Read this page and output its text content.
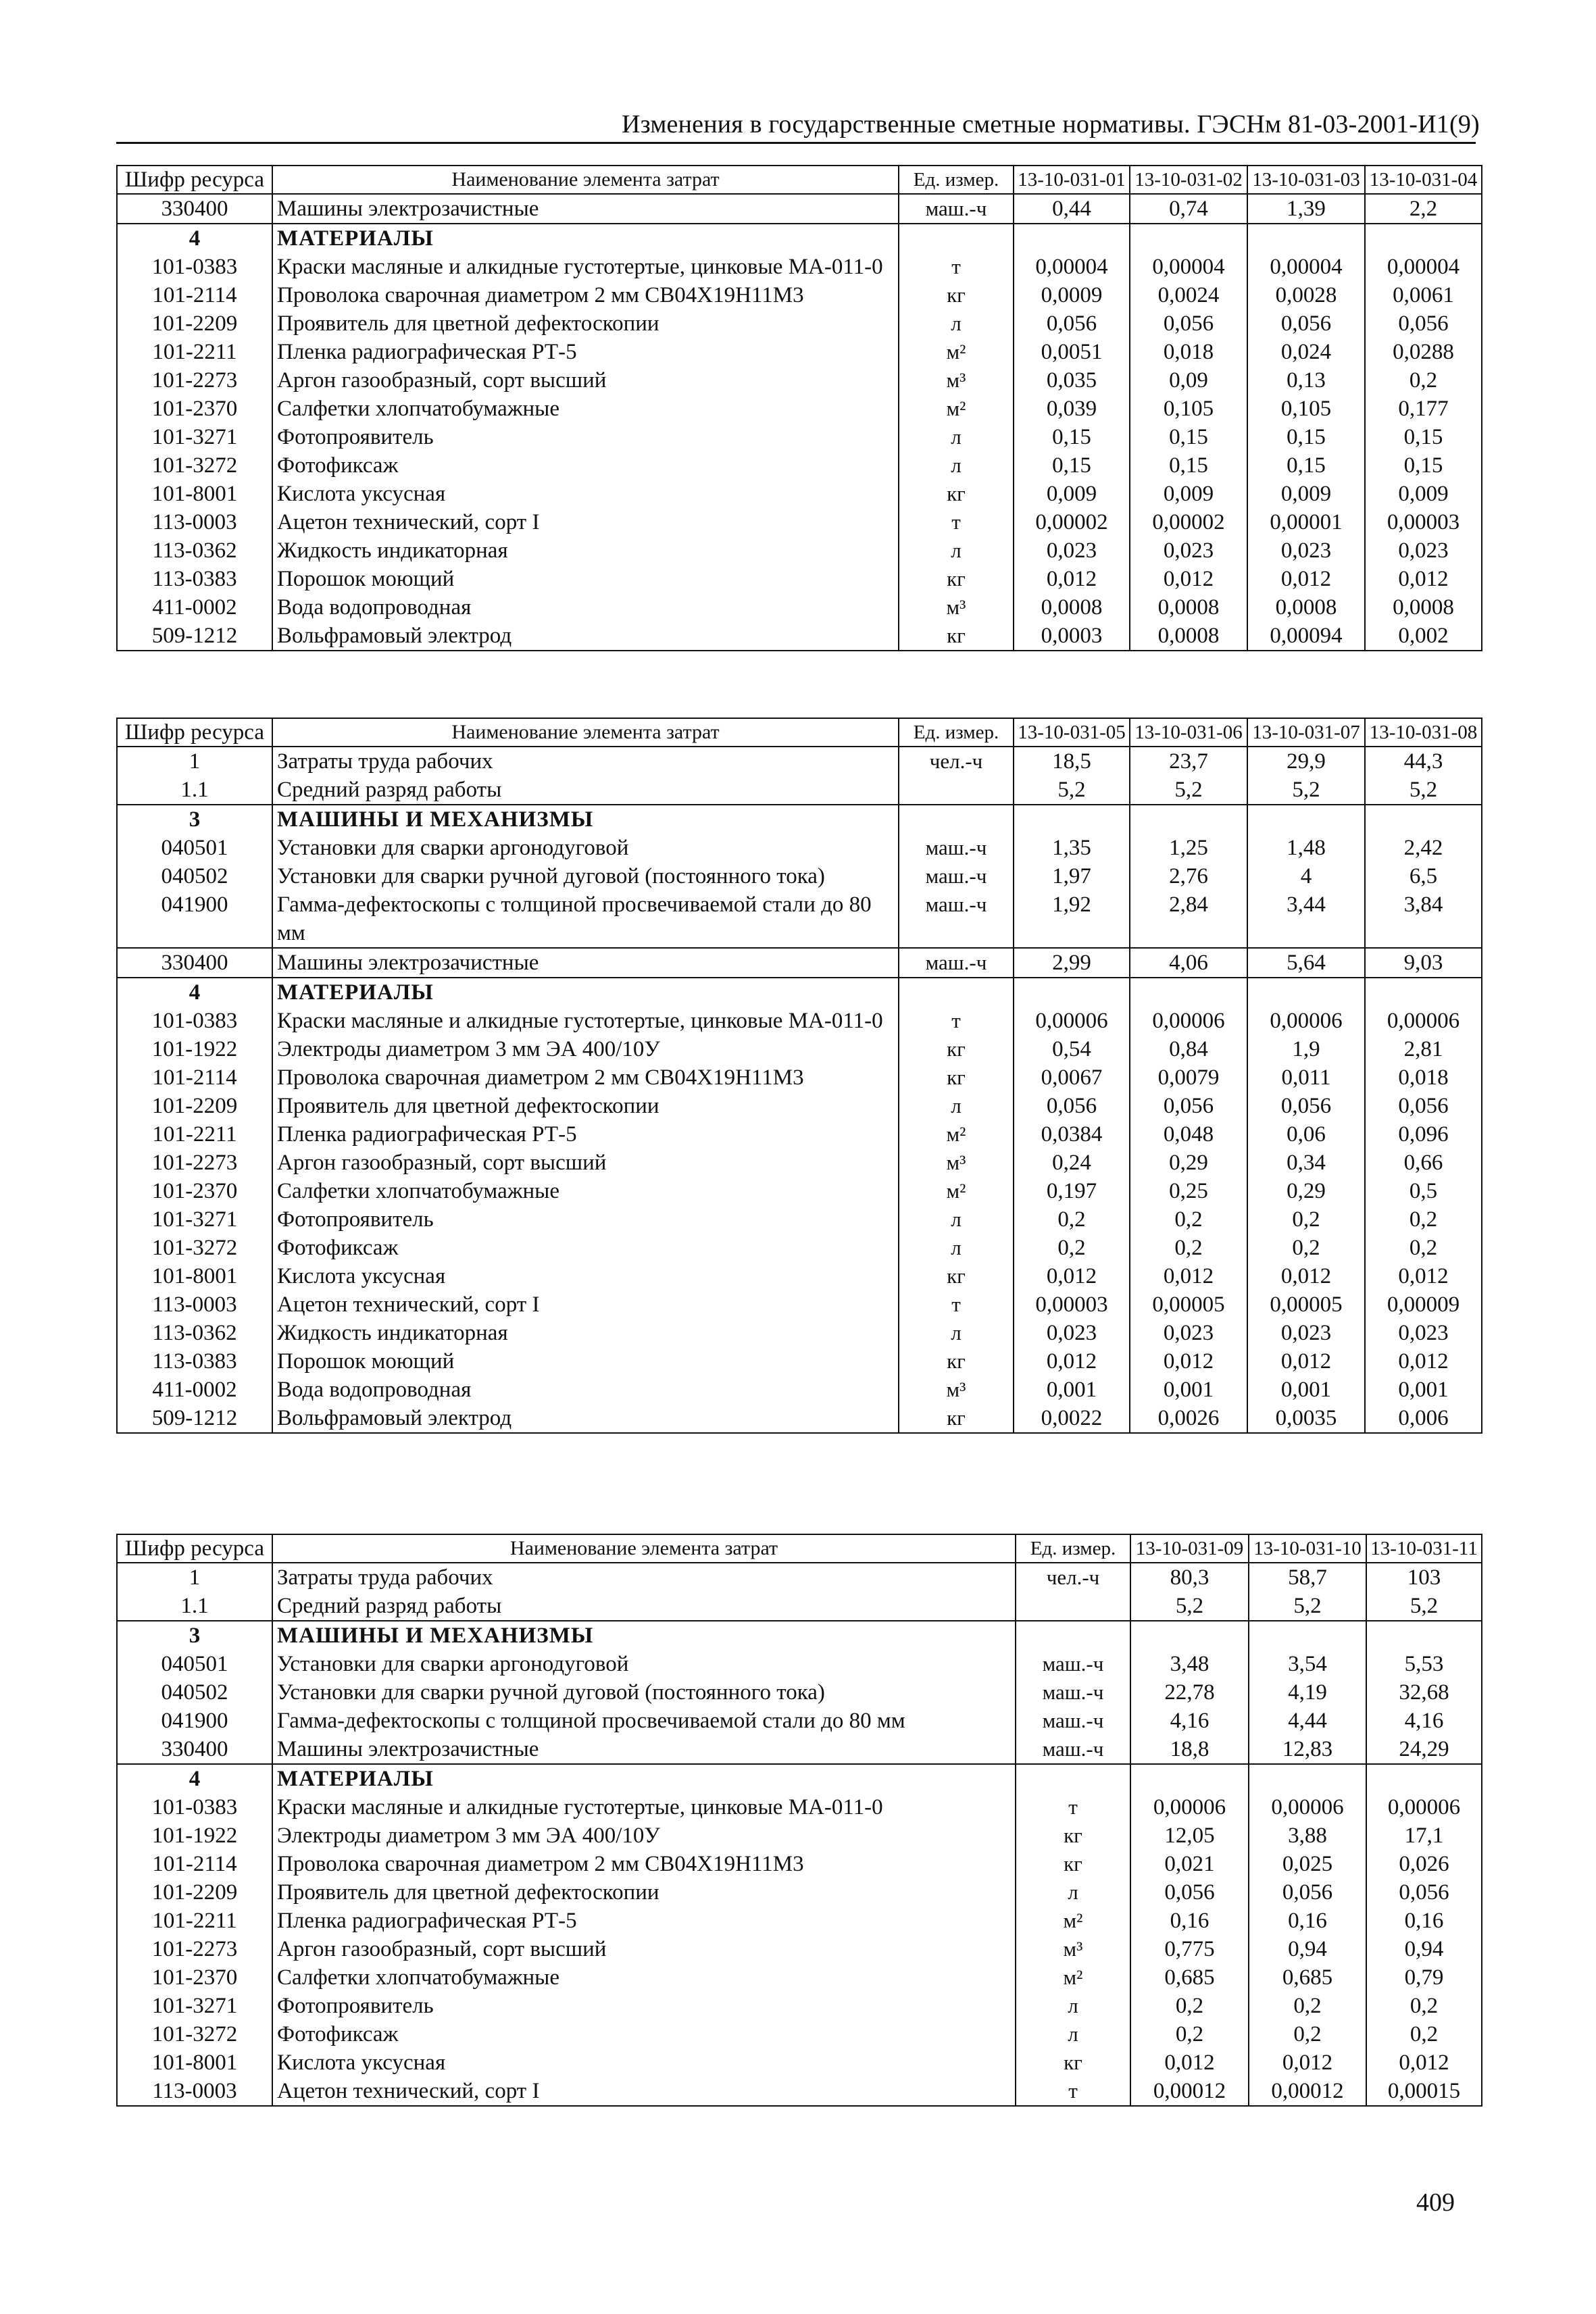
Изменения в государственные сметные нормативы. ГЭСНм 81-03-2001-И1(9)
Шифр ресурса	Наименование элемента затрат	Ед. измер.	13-10-031-01	13-10-031-02	13-10-031-03	13-10-031-04
330400	Машины электрозачистные	маш.-ч	0,44	0,74	1,39	2,2
4	МАТЕРИАЛЫ					
101-0383	Краски масляные и алкидные густотертые, цинковые МА-011-0	т	0,00004	0,00004	0,00004	0,00004
101-2114	Проволока сварочная диаметром 2 мм СВ04Х19Н11М3	кг	0,0009	0,0024	0,0028	0,0061
101-2209	Проявитель для цветной дефектоскопии	л	0,056	0,056	0,056	0,056
101-2211	Пленка радиографическая РТ-5	м²	0,0051	0,018	0,024	0,0288
101-2273	Аргон газообразный, сорт высший	м³	0,035	0,09	0,13	0,2
101-2370	Салфетки хлопчатобумажные	м²	0,039	0,105	0,105	0,177
101-3271	Фотопроявитель	л	0,15	0,15	0,15	0,15
101-3272	Фотофиксаж	л	0,15	0,15	0,15	0,15
101-8001	Кислота уксусная	кг	0,009	0,009	0,009	0,009
113-0003	Ацетон технический, сорт I	т	0,00002	0,00002	0,00001	0,00003
113-0362	Жидкость индикаторная	л	0,023	0,023	0,023	0,023
113-0383	Порошок моющий	кг	0,012	0,012	0,012	0,012
411-0002	Вода водопроводная	м³	0,0008	0,0008	0,0008	0,0008
509-1212	Вольфрамовый электрод	кг	0,0003	0,0008	0,00094	0,002
Шифр ресурса	Наименование элемента затрат	Ед. измер.	13-10-031-05	13-10-031-06	13-10-031-07	13-10-031-08
1	Затраты труда рабочих	чел.-ч	18,5	23,7	29,9	44,3
1.1	Средний разряд работы		5,2	5,2	5,2	5,2
3	МАШИНЫ И МЕХАНИЗМЫ					
040501	Установки для сварки аргонодуговой	маш.-ч	1,35	1,25	1,48	2,42
040502	Установки для сварки ручной дуговой (постоянного тока)	маш.-ч	1,97	2,76	4	6,5
041900	Гамма-дефектоскопы с толщиной просвечиваемой стали до 80 мм	маш.-ч	1,92	2,84	3,44	3,84
330400	Машины электрозачистные	маш.-ч	2,99	4,06	5,64	9,03
4	МАТЕРИАЛЫ					
101-0383	Краски масляные и алкидные густотертые, цинковые МА-011-0	т	0,00006	0,00006	0,00006	0,00006
101-1922	Электроды диаметром 3 мм ЭА 400/10У	кг	0,54	0,84	1,9	2,81
101-2114	Проволока сварочная диаметром 2 мм СВ04Х19Н11М3	кг	0,0067	0,0079	0,011	0,018
101-2209	Проявитель для цветной дефектоскопии	л	0,056	0,056	0,056	0,056
101-2211	Пленка радиографическая РТ-5	м²	0,0384	0,048	0,06	0,096
101-2273	Аргон газообразный, сорт высший	м³	0,24	0,29	0,34	0,66
101-2370	Салфетки хлопчатобумажные	м²	0,197	0,25	0,29	0,5
101-3271	Фотопроявитель	л	0,2	0,2	0,2	0,2
101-3272	Фотофиксаж	л	0,2	0,2	0,2	0,2
101-8001	Кислота уксусная	кг	0,012	0,012	0,012	0,012
113-0003	Ацетон технический, сорт I	т	0,00003	0,00005	0,00005	0,00009
113-0362	Жидкость индикаторная	л	0,023	0,023	0,023	0,023
113-0383	Порошок моющий	кг	0,012	0,012	0,012	0,012
411-0002	Вода водопроводная	м³	0,001	0,001	0,001	0,001
509-1212	Вольфрамовый электрод	кг	0,0022	0,0026	0,0035	0,006
Шифр ресурса	Наименование элемента затрат	Ед. измер.	13-10-031-09	13-10-031-10	13-10-031-11
1	Затраты труда рабочих	чел.-ч	80,3	58,7	103
1.1	Средний разряд работы		5,2	5,2	5,2
3	МАШИНЫ И МЕХАНИЗМЫ				
040501	Установки для сварки аргонодуговой	маш.-ч	3,48	3,54	5,53
040502	Установки для сварки ручной дуговой (постоянного тока)	маш.-ч	22,78	4,19	32,68
041900	Гамма-дефектоскопы с толщиной просвечиваемой стали до 80 мм	маш.-ч	4,16	4,44	4,16
330400	Машины электрозачистные	маш.-ч	18,8	12,83	24,29
4	МАТЕРИАЛЫ				
101-0383	Краски масляные и алкидные густотертые, цинковые МА-011-0	т	0,00006	0,00006	0,00006
101-1922	Электроды диаметром 3 мм ЭА 400/10У	кг	12,05	3,88	17,1
101-2114	Проволока сварочная диаметром 2 мм СВ04Х19Н11М3	кг	0,021	0,025	0,026
101-2209	Проявитель для цветной дефектоскопии	л	0,056	0,056	0,056
101-2211	Пленка радиографическая РТ-5	м²	0,16	0,16	0,16
101-2273	Аргон газообразный, сорт высший	м³	0,775	0,94	0,94
101-2370	Салфетки хлопчатобумажные	м²	0,685	0,685	0,79
101-3271	Фотопроявитель	л	0,2	0,2	0,2
101-3272	Фотофиксаж	л	0,2	0,2	0,2
101-8001	Кислота уксусная	кг	0,012	0,012	0,012
113-0003	Ацетон технический, сорт I	т	0,00012	0,00012	0,00015
409
